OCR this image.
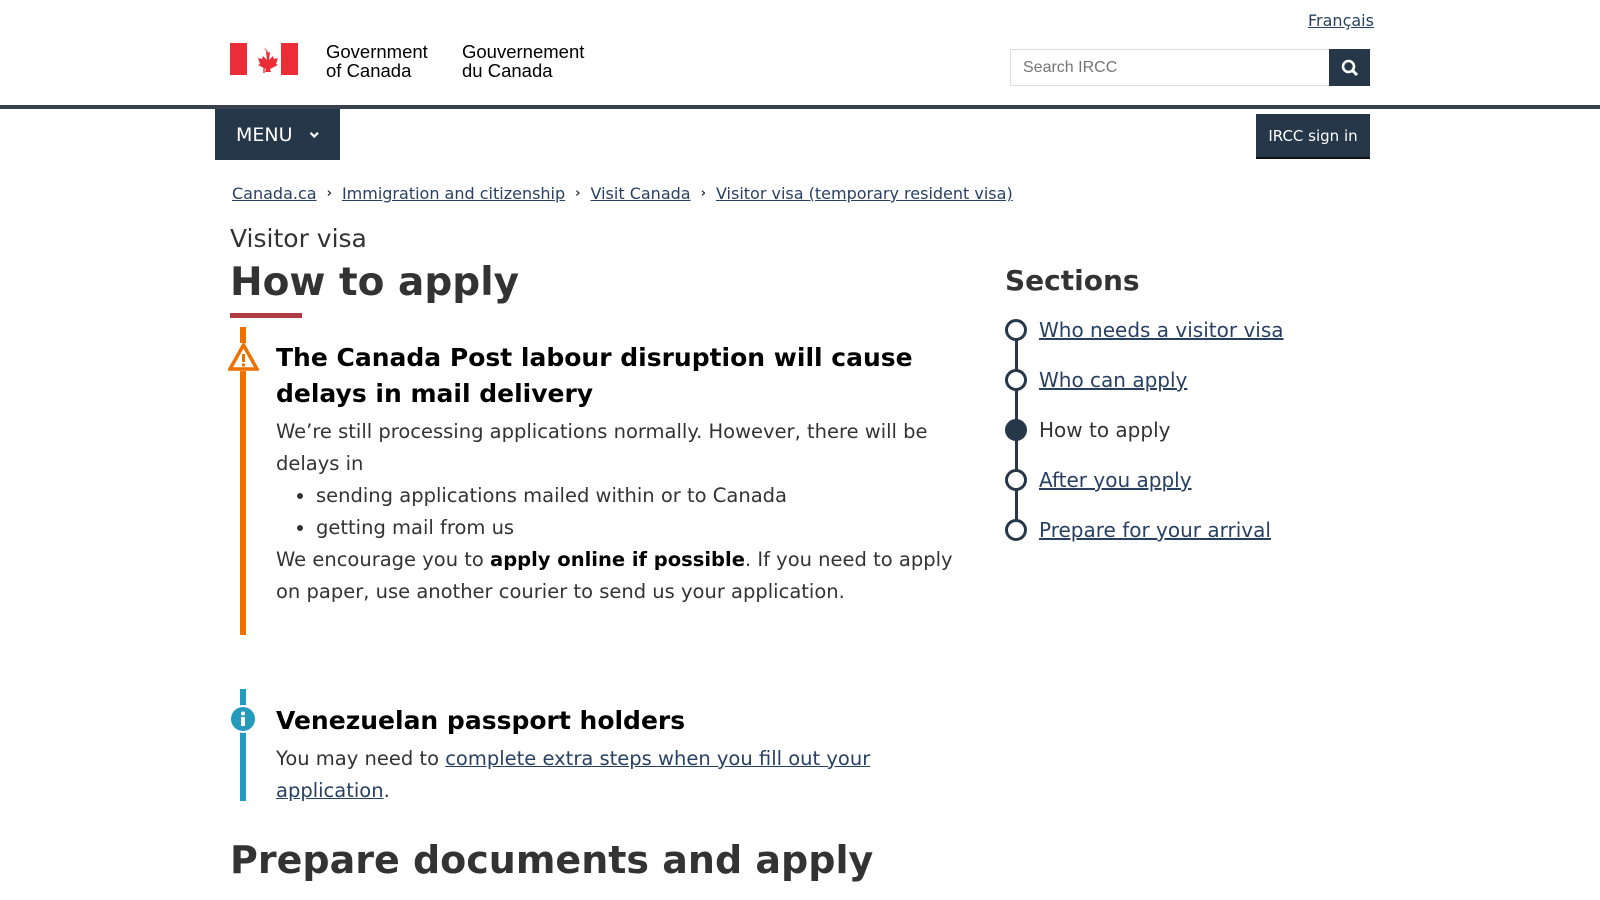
Français
Government
of Canada
Gouvernement
du Canada
Search IRCC
MENU	IRCC sign in
Canada.ca › Immigration and citizenship › Visit Canada › Visitor visa (temporary resident visa)
Visitor visa
How to apply
The Canada Post labour disruption will cause delays in mail delivery

We’re still processing applications normally. However, there will be delays in

• sending applications mailed within or to Canada
• getting mail from us

We encourage you to apply online if possible. If you need to apply on paper, use another courier to send us your application.

Venezuelan passport holders

You may need to complete extra steps when you fill out your application.

Sections
Who needs a visitor visa
Who can apply
How to apply
After you apply
Prepare for your arrival
Prepare documents and apply
